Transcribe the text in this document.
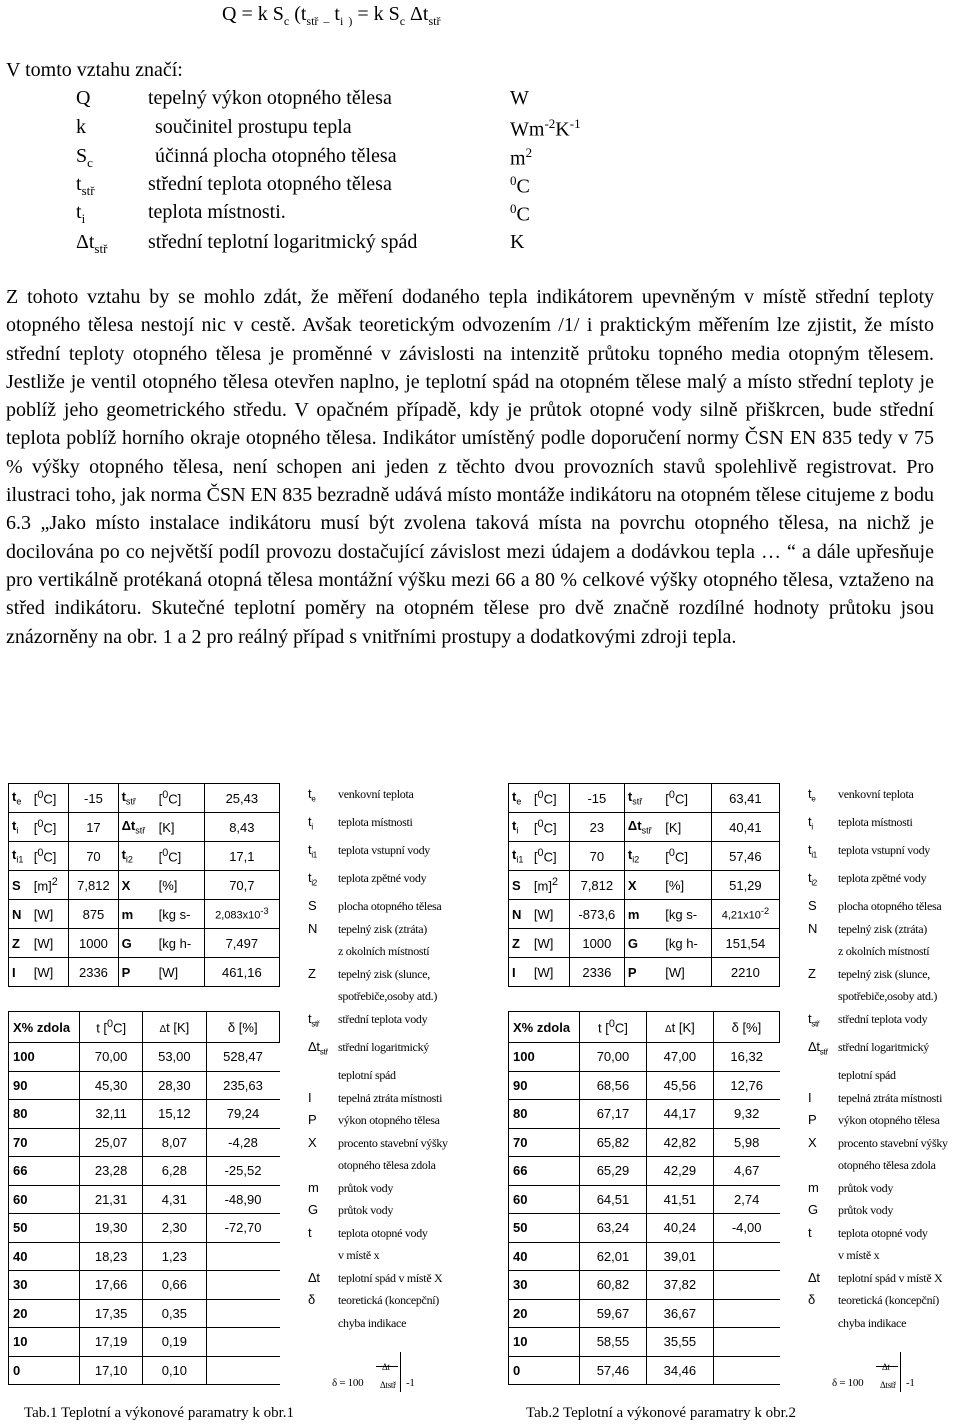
Q = k $S_c$ ($t_{stř}$ $_-$ $t_i$ $_)$ = k $S_c$ $\Delta t_{stř}$
V tomto vztahu značí:
Q	tepelný výkon otopného tělesa	W
k	součinitel prostupu tepla	$Wm^{-2}K^{-1}$
$S_c$	účinná plocha otopného tělesa	$m^2$
$t_{stř}$	střední teplota otopného tělesa	$^0$C
$t_i$	teplota místnosti.	$^0$C
$\Delta t_{stř}$ střední teplotní logaritmický spád	K
Z tohoto vztahu by se mohlo zdát, že měření dodaného tepla indikátorem upevněným v místě střední teploty otopného tělesa nestojí nic v cestě. Avšak teoretickým odvozením /1/ i praktickým měřením lze zjistit, že místo střední teploty otopného tělesa je proměnné v závislosti na intenzitě průtoku topného media otopným tělesem. Jestliže je ventil otopného tělesa otevřen naplno, je teplotní spád na otopném tělese malý a místo střední teploty je poblíž jeho geometrického středu. V opačném případě, kdy je průtok otopné vody silně přiškrcen, bude střední teplota poblíž horního okraje otopného tělesa. Indikátor umístěný podle doporučení normy ČSN EN 835 tedy v 75 % výšky otopného tělesa, není schopen ani jeden z těchto dvou provozních stavů spolehlivě registrovat. Pro ilustraci toho, jak norma ČSN EN 835 bezradně udává místo montáže indikátoru na otopném tělese citujeme z bodu 6.3 „Jako místo instalace indikátoru musí být zvolena taková místa na povrchu otopného tělesa, na nichž je docilována po co největší podíl provozu dostačující závislost mezi údajem a dodávkou tepla … “ a dále upřesňuje pro vertikálně protékaná otopná tělesa montážní výšku mezi 66 a 80 % celkové výšky otopného tělesa, vztaženo na střed indikátoru. Skutečné teplotní poměry na otopném tělese pro dvě značně rozdílné hodnoty průtoku jsou znázorněny na obr. 1 a 2 pro reálný případ s vnitřními prostupy a dodatkovými zdroji tepla.
$t_e$	[$^0$C]	-15	$t_{stř}$	[$^0$C]	25,43
$t_i$	[$^0$C]	17	$\Delta t_{stř}$	[K]	8,43
$t_{i1}$	[$^0$C]	70	$t_{i2}$	[$^0$C]	17,1
S	$[m]^2$	7,812	X	[%]	70,7
N	[W]	875	m	[kg s-	$2,083x10^{-3}$
Z	[W]	1000	G	[kg h-	7,497
I	[W]	2336	P	[W]	461,16
X% zdola	t [$^0$C]	Δt [K]	δ [%]
100	70,00	53,00	528,47
90	45,30	28,30	235,63
80	32,11	15,12	79,24
70	25,07	8,07	-4,28
66	23,28	6,28	-25,52
60	21,31	4,31	-48,90
50	19,30	2,30	-72,70
40	18,23	1,23	
30	17,66	0,66	
20	17,35	0,35	
10	17,19	0,19	
0	17,10	0,10	
$t_e$	venkovní teplota
$t_i$	teplota místnosti
$t_{i1}$	teplota vstupní vody
$t_{i2}$	teplota zpětné vody
S	plocha otopného tělesa
N	tepelný zisk (ztráta)
z okolních místností
Z	tepelný zisk (slunce,
spotřebiče,osoby atd.)
$t_{stř}$	střední teplota vody
$\Delta t_{stř}$ střední logaritmický
teplotní spád
I	tepelná ztráta místnosti
P	výkon otopného tělesa
X	procento stavební výšky
otopného tělesa zdola
m	průtok vody
G	průtok vody
t	teplota otopné vody
v místě x
Δt	teplotní spád v místě X
δ	teoretická (koncepční)
chyba indikace
δ = 100
Δt
Δtstř -1
$t_e$	[$^0$C]	-15	$t_{stř}$	[$^0$C]	63,41
$t_i$	[$^0$C]	23	$\Delta t_{stř}$	[K]	40,41
$t_{i1}$	[$^0$C]	70	$t_{i2}$	[$^0$C]	57,46
S	$[m]^2$	7,812	X	[%]	51,29
N	[W]	-873,6	m	[kg s-	$4,21x10^{-2}$
Z	[W]	1000	G	[kg h-	151,54
I	[W]	2336	P	[W]	2210
X% zdola	t [$^0$C]	Δt [K]	δ [%]
100	70,00	47,00	16,32
90	68,56	45,56	12,76
80	67,17	44,17	9,32
70	65,82	42,82	5,98
66	65,29	42,29	4,67
60	64,51	41,51	2,74
50	63,24	40,24	-4,00
40	62,01	39,01	
30	60,82	37,82	
20	59,67	36,67	
10	58,55	35,55	
0	57,46	34,46	
$t_e$	venkovní teplota
$t_i$	teplota místnosti
$t_{i1}$	teplota vstupní vody
$t_{i2}$	teplota zpětné vody
S	plocha otopného tělesa
N	tepelný zisk (ztráta)
z okolních místností
Z	tepelný zisk (slunce,
spotřebiče,osoby atd.)
$t_{stř}$	střední teplota vody
$\Delta t_{stř}$ střední logaritmický
teplotní spád
I	tepelná ztráta místnosti
P	výkon otopného tělesa
X	procento stavební výšky
otopného tělesa zdola
m	průtok vody
G	průtok vody
t	teplota otopné vody
v místě x
Δt	teplotní spád v místě X
δ	teoretická (koncepční)
chyba indikace
δ = 100
Δt
Δtstř -1
Tab.1 Teplotní a výkonové paramatry k obr.1	Tab.2 Teplotní a výkonové paramatry k obr.2
